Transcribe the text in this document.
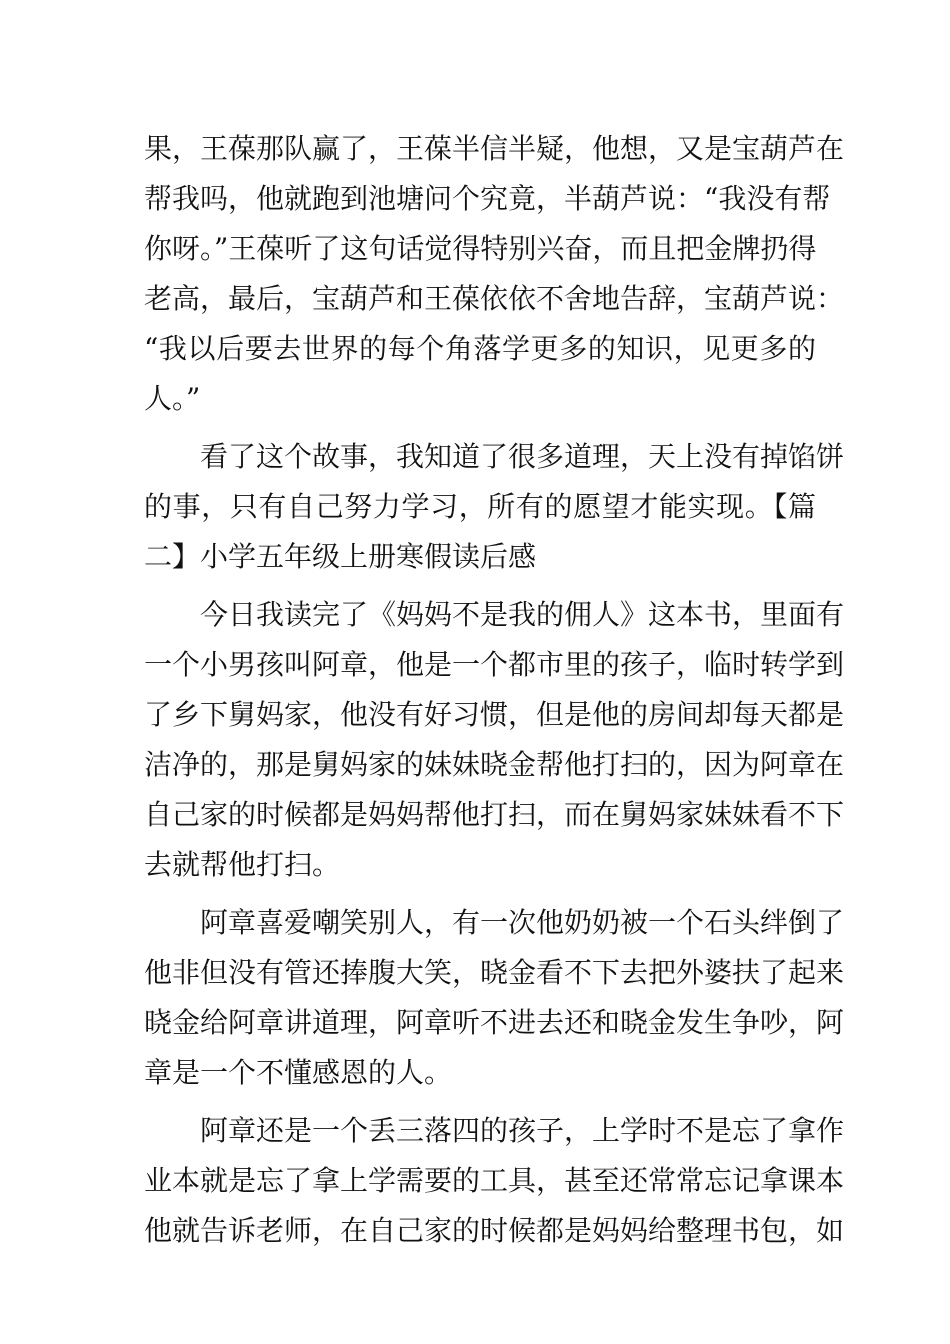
果，王葆那队赢了，王葆半信半疑，他想，又是宝葫芦在
帮我吗，他就跑到池塘问个究竟，半葫芦说：“我没有帮
你呀。”王葆听了这句话觉得特别兴奋，而且把金牌扔得
老高，最后，宝葫芦和王葆依依不舍地告辞，宝葫芦说：
“我以后要去世界的每个角落学更多的知识，见更多的
人。”
看了这个故事，我知道了很多道理，天上没有掉馅饼
的事，只有自己努力学习，所有的愿望才能实现。【篇
二】小学五年级上册寒假读后感
今日我读完了《妈妈不是我的佣人》这本书，里面有
一个小男孩叫阿章，他是一个都市里的孩子，临时转学到
了乡下舅妈家，他没有好习惯，但是他的房间却每天都是
洁净的，那是舅妈家的妹妹晓金帮他打扫的，因为阿章在
自己家的时候都是妈妈帮他打扫，而在舅妈家妹妹看不下
去就帮他打扫。
阿章喜爱嘲笑别人，有一次他奶奶被一个石头绊倒了
他非但没有管还捧腹大笑，晓金看不下去把外婆扶了起来
晓金给阿章讲道理，阿章听不进去还和晓金发生争吵，阿
章是一个不懂感恩的人。
阿章还是一个丢三落四的孩子，上学时不是忘了拿作
业本就是忘了拿上学需要的工具，甚至还常常忘记拿课本
他就告诉老师，在自己家的时候都是妈妈给整理书包，如
